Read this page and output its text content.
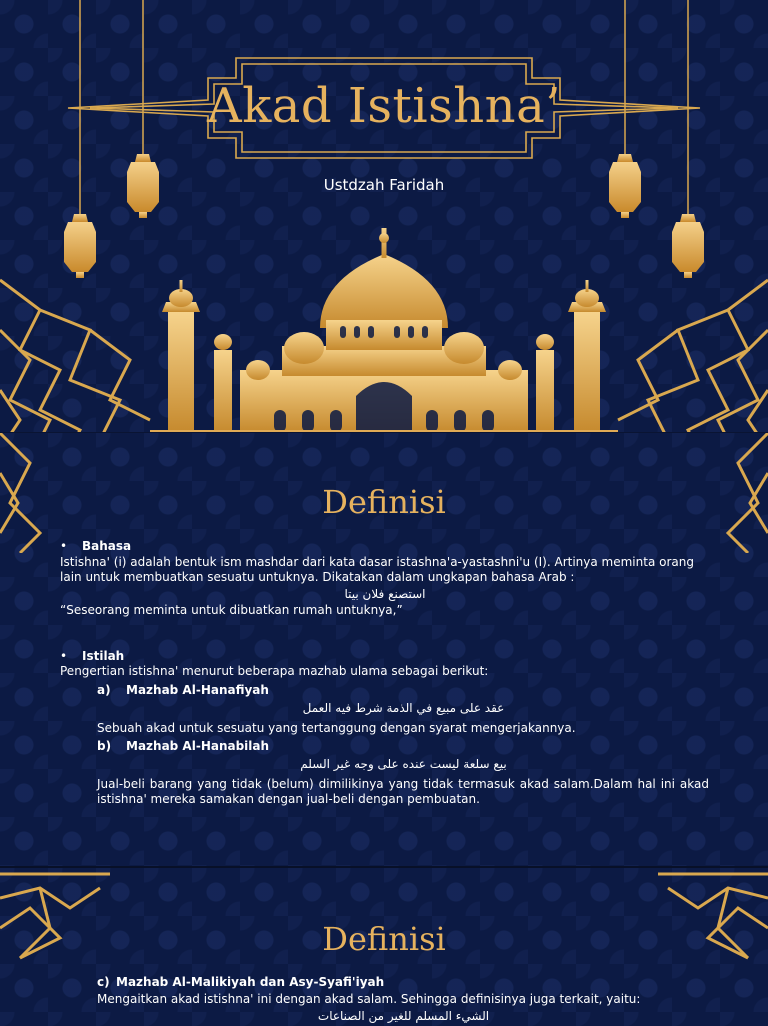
Akad Istishna’
Ustdzah Faridah
Definisi
• Bahasa
Istishna' (i) adalah bentuk ism mashdar dari kata dasar istashna'a-yastashni'u (I). Artinya meminta orang lain untuk membuatkan sesuatu untuknya. Dikatakan dalam ungkapan bahasa Arab :
استصنع فلان بيتا
“Seseorang meminta untuk dibuatkan rumah untuknya,”
• Istilah
Pengertian istishna' menurut beberapa mazhab ulama sebagai berikut:
a) Mazhab Al-Hanafiyah
عقد على مبيع في الذمة شرط فيه العمل
Sebuah akad untuk sesuatu yang tertanggung dengan syarat mengerjakannya.
b) Mazhab Al-Hanabilah
بيع سلعة ليست عنده على وجه غير السلم
Jual-beli barang yang tidak (belum) dimilikinya yang tidak termasuk akad salam.Dalam hal ini akad istishna' mereka samakan dengan jual-beli dengan pembuatan.
Definisi
c) Mazhab Al-Malikiyah dan Asy-Syafi'iyah
Mengaitkan akad istishna' ini dengan akad salam. Sehingga definisinya juga terkait, yaitu:
الشيء المسلم للغير من الصناعات
